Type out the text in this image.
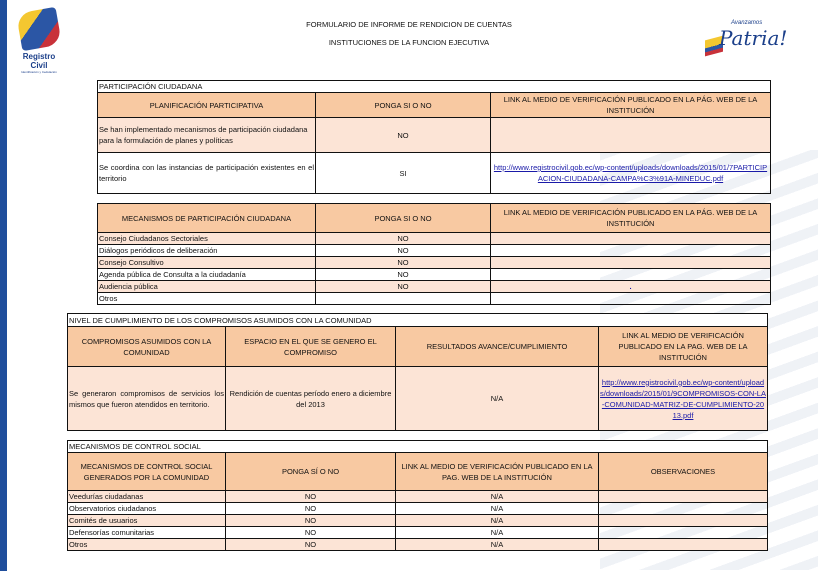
Registro Civil
Identificación y Cedulación
FORMULARIO DE INFORME DE RENDICION DE CUENTAS
INSTITUCIONES DE LA FUNCION EJECUTIVA
Avanzamos
Patria!
PARTICIPACIÓN CIUDADANA		
PLANIFICACIÓN PARTICIPATIVA	PONGA SI O NO	LINK AL MEDIO DE VERIFICACIÓN PUBLICADO EN LA PÁG. WEB DE LA INSTITUCIÓN
Se han implementado mecanismos de participación ciudadana para la formulación de planes y políticas	NO	
Se coordina con las instancias de participación existentes en el territorio	SI	http://www.registrocivil.gob.ec/wp-content/uploads/downloads/2015/01/7PARTICIPACION-CIUDADANA-CAMPA%C3%91A-MINEDUC.pdf
MECANISMOS DE PARTICIPACIÓN CIUDADANA	PONGA SI O NO	LINK AL MEDIO DE VERIFICACIÓN PUBLICADO EN LA PÁG. WEB DE LA INSTITUCIÓN
Consejo Ciudadanos Sectoriales	NO	
Diálogos periódicos de deliberación	NO	
Consejo Consultivo	NO	
Agenda pública de Consulta a la ciudadanía	NO	
Audiencia pública	NO	.
Otros		
NIVEL DE CUMPLIMIENTO DE LOS COMPROMISOS ASUMIDOS CON LA COMUNIDAD			
COMPROMISOS ASUMIDOS CON LA COMUNIDAD	ESPACIO EN EL QUE SE GENERO EL COMPROMISO	RESULTADOS AVANCE/CUMPLIMIENTO	LINK AL MEDIO DE VERIFICACIÓN PUBLICADO EN LA PAG. WEB DE LA INSTITUCIÓN
Se generaron compromisos de servicios los mismos que fueron atendidos en territorio.	Rendición de cuentas período enero a diciembre del 2013	N/A	http://www.registrocivil.gob.ec/wp-content/uploads/downloads/2015/01/9COMPROMISOS-CON-LA-COMUNIDAD-MATRIZ-DE-CUMPLIMIENTO-2013.pdf
MECANISMOS DE CONTROL SOCIAL			
MECANISMOS DE CONTROL SOCIAL GENERADOS POR LA COMUNIDAD	PONGA SÍ O NO	LINK AL MEDIO DE VERIFICACIÓN PUBLICADO EN LA PAG. WEB DE LA INSTITUCIÓN	OBSERVACIONES
Veedurías ciudadanas	NO	N/A	
Observatorios ciudadanos	NO	N/A	
Comités de usuarios	NO	N/A	
Defensorías comunitarias	NO	N/A	
Otros	NO	N/A	
